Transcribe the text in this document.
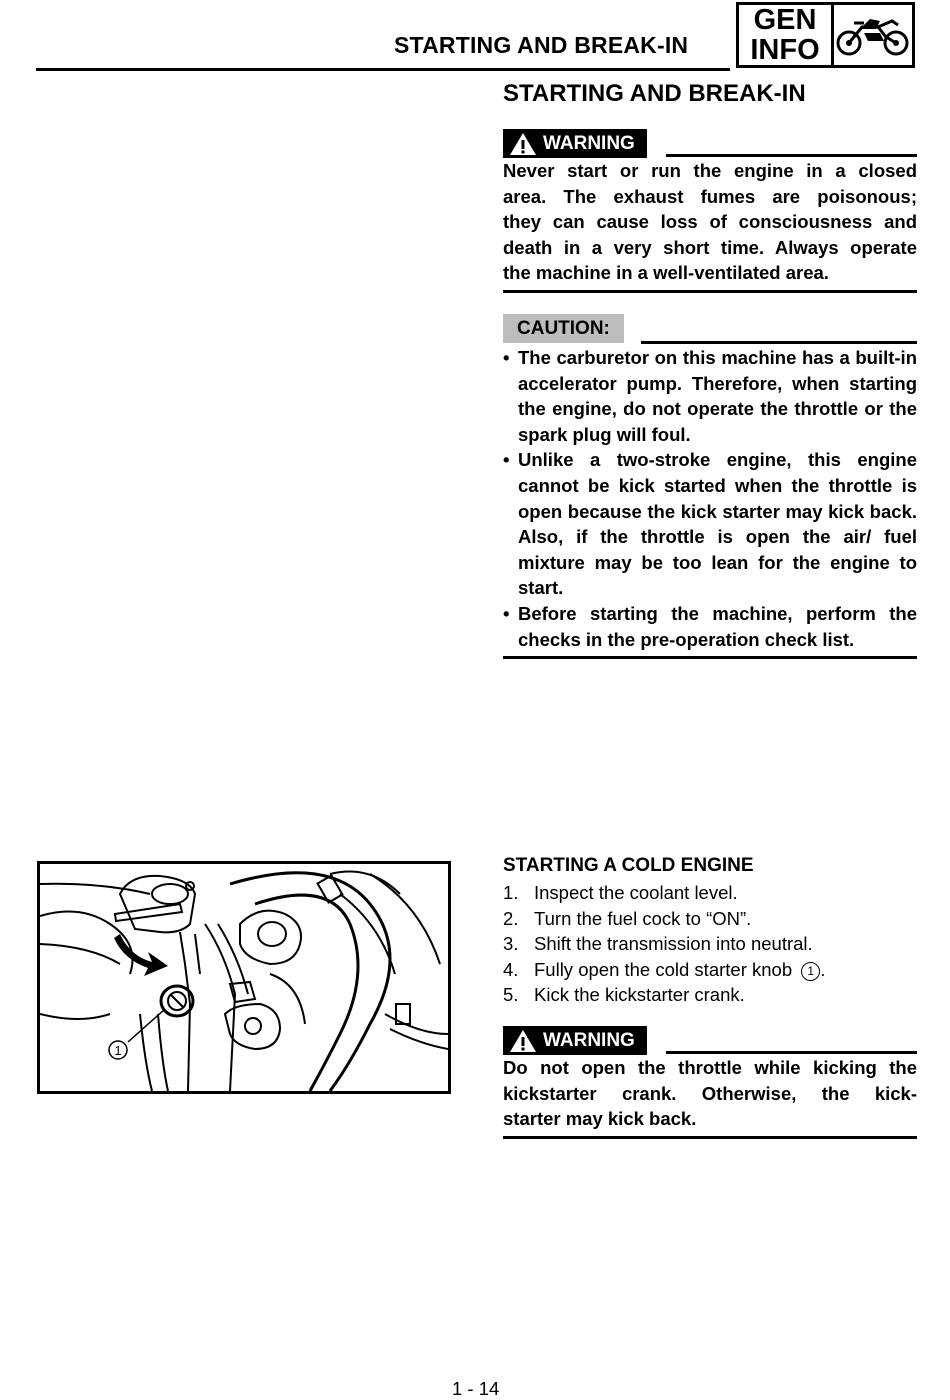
STARTING AND BREAK-IN
GEN
INFO
STARTING AND BREAK-IN
WARNING
Never start or run the engine in a closed
area. The exhaust fumes are poisonous;
they can cause loss of consciousness and
death in a very short time. Always operate
the machine in a well-ventilated area.
CAUTION:
• The carburetor on this machine has a built-in accelerator pump. Therefore, when starting the engine, do not operate the throttle or the spark plug will foul.
• Unlike a two-stroke engine, this engine cannot be kick started when the throttle is open because the kick starter may kick back. Also, if the throttle is open the air/ fuel mixture may be too lean for the engine to start.
• Before starting the machine, perform the checks in the pre-operation check list.
1
STARTING A COLD ENGINE
1. Inspect the coolant level.
2. Turn the fuel cock to “ON”.
3. Shift the transmission into neutral.
4. Fully open the cold starter knob 1 .
5. Kick the kickstarter crank.
WARNING
Do not open the throttle while kicking the
kickstarter crank. Otherwise, the kick-
starter may kick back.
1 - 14
